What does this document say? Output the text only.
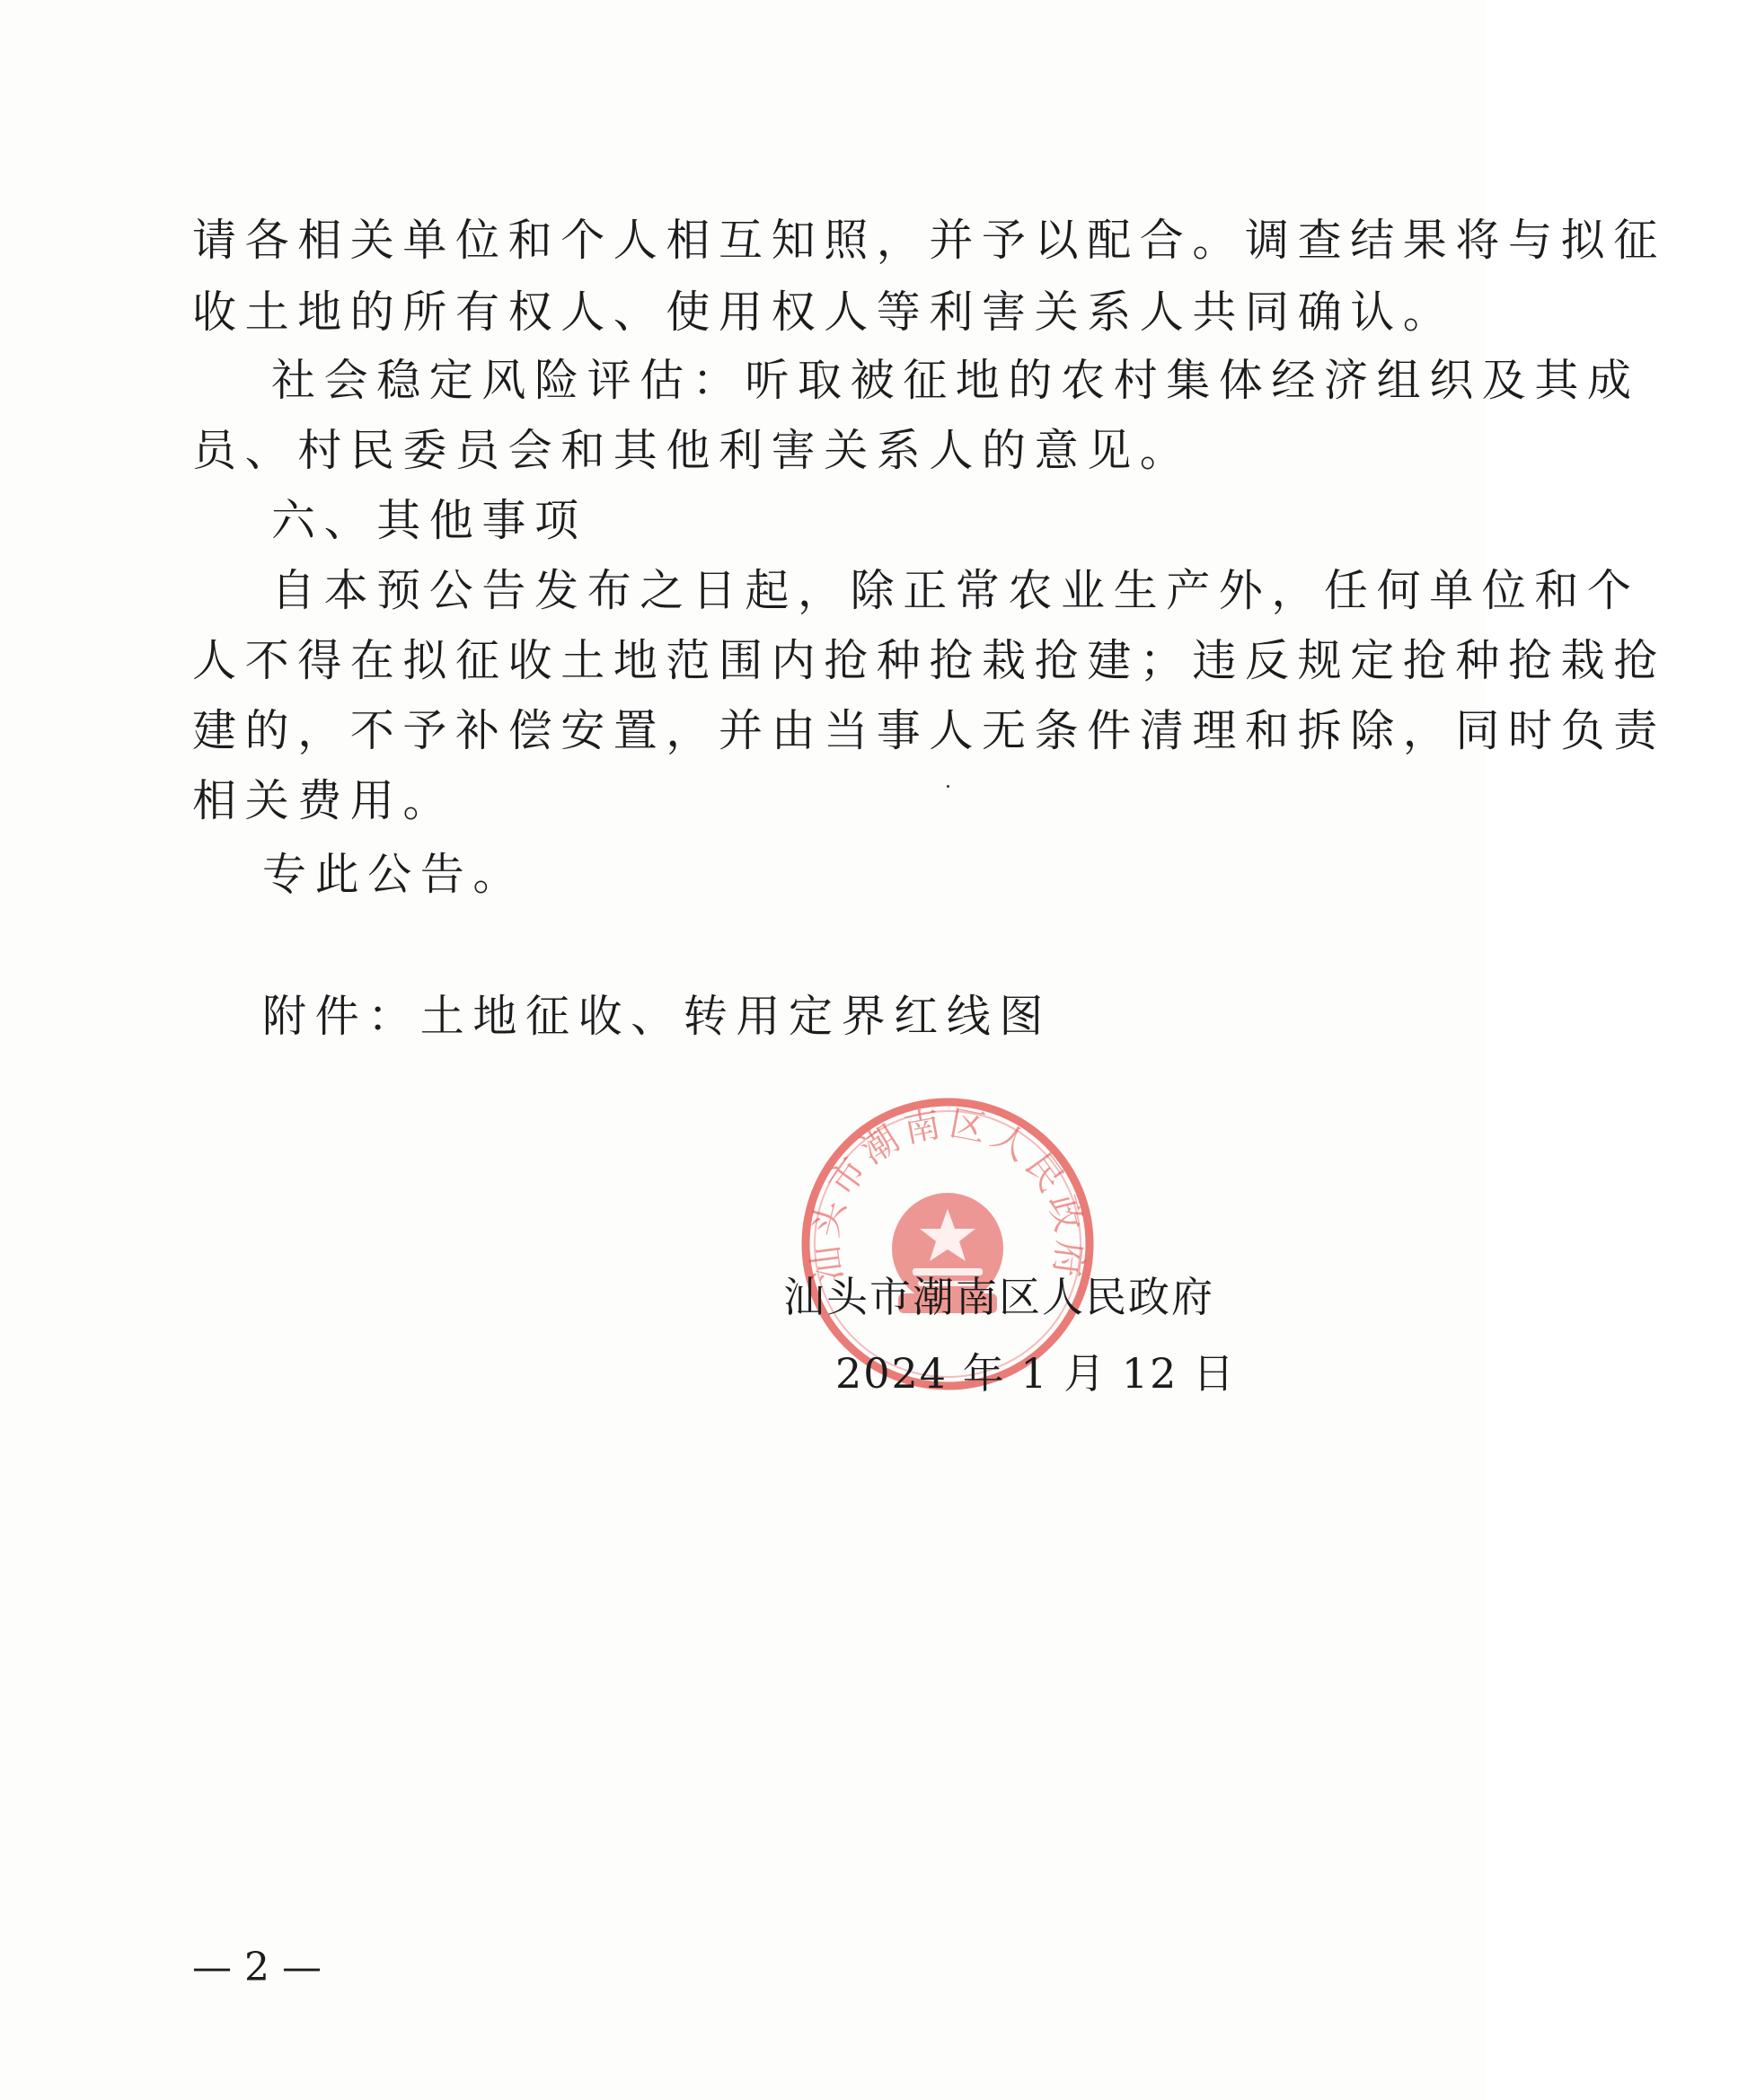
请各相关单位和个人相互知照，并予以配合。调查结果将与拟征
收土地的所有权人、使用权人等利害关系人共同确认。
社会稳定风险评估：听取被征地的农村集体经济组织及其成
员、村民委员会和其他利害关系人的意见。
六、其他事项
自本预公告发布之日起，除正常农业生产外，任何单位和个
人不得在拟征收土地范围内抢种抢栽抢建；违反规定抢种抢栽抢
建的，不予补偿安置，并由当事人无条件清理和拆除，同时负责
相关费用。
专此公告。
附件：土地征收、转用定界红线图
汕头市潮南区人民政府
汕头市潮南区人民政府
2024 年 1 月 12 日
— 2 —
